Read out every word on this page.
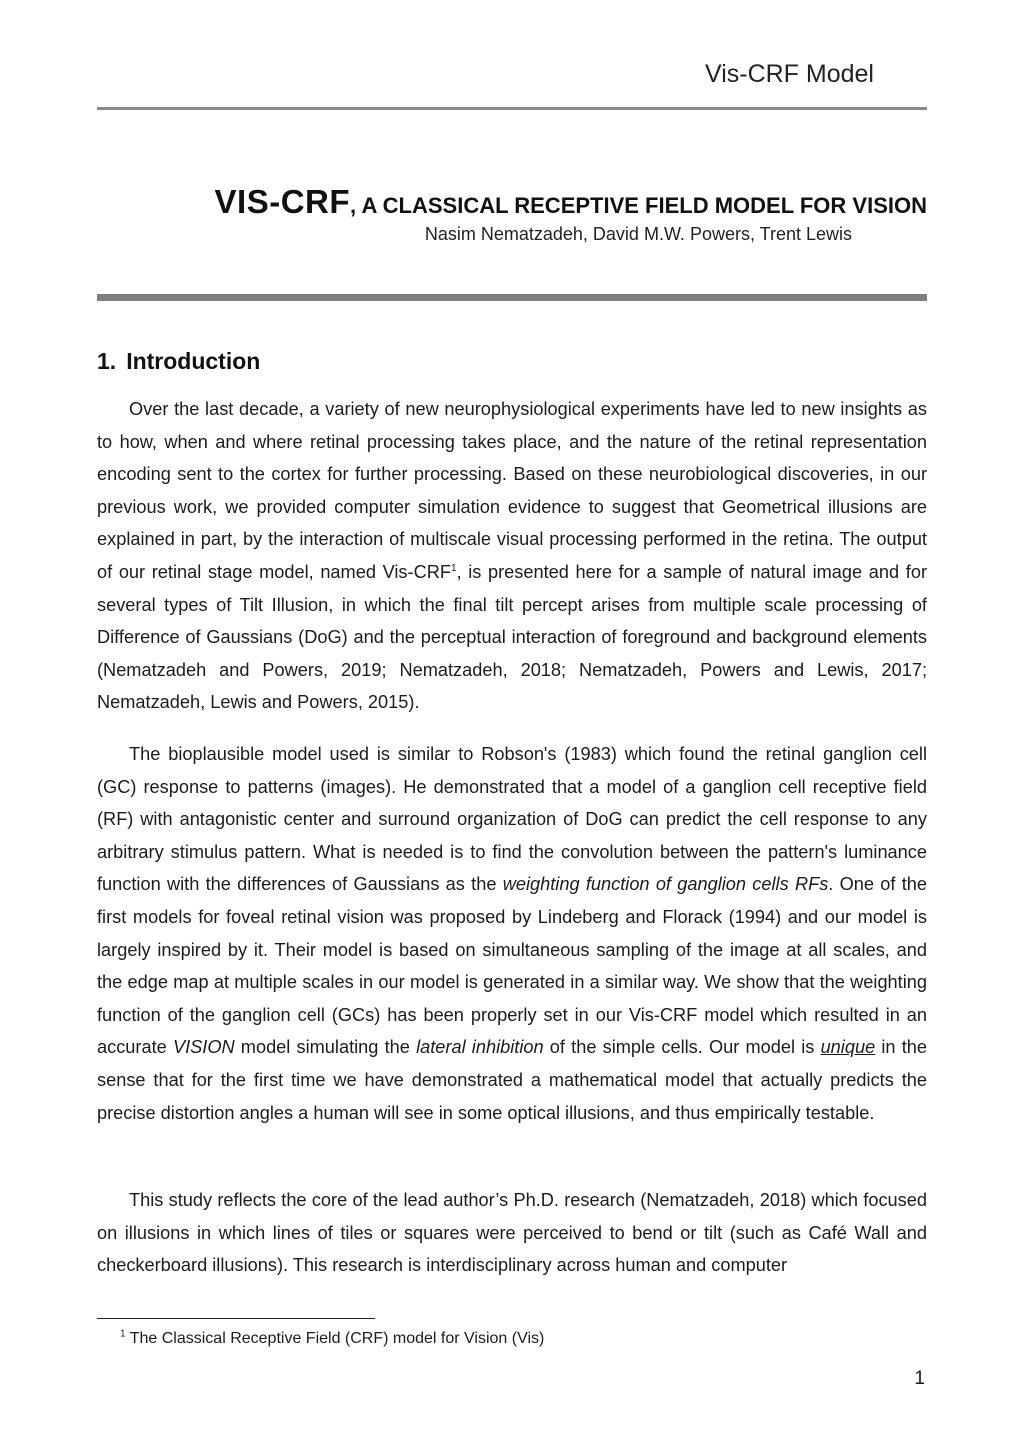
Vis-CRF Model
VIS-CRF, A CLASSICAL RECEPTIVE FIELD MODEL FOR VISION
Nasim Nematzadeh, David M.W. Powers, Trent Lewis
1. Introduction

Over the last decade, a variety of new neurophysiological experiments have led to new insights as to how, when and where retinal processing takes place, and the nature of the retinal representation encoding sent to the cortex for further processing. Based on these neurobiological discoveries, in our previous work, we provided computer simulation evidence to suggest that Geometrical illusions are explained in part, by the interaction of multiscale visual processing performed in the retina. The output of our retinal stage model, named Vis-CRF$^1$, is presented here for a sample of natural image and for several types of Tilt Illusion, in which the final tilt percept arises from multiple scale processing of Difference of Gaussians (DoG) and the perceptual interaction of foreground and background elements (Nematzadeh and Powers, 2019; Nematzadeh, 2018; Nematzadeh, Powers and Lewis, 2017; Nematzadeh, Lewis and Powers, 2015).

The bioplausible model used is similar to Robson's (1983) which found the retinal ganglion cell (GC) response to patterns (images). He demonstrated that a model of a ganglion cell receptive field (RF) with antagonistic center and surround organization of DoG can predict the cell response to any arbitrary stimulus pattern. What is needed is to find the convolution between the pattern's luminance function with the differences of Gaussians as the weighting function of ganglion cells RFs. One of the first models for foveal retinal vision was proposed by Lindeberg and Florack (1994) and our model is largely inspired by it. Their model is based on simultaneous sampling of the image at all scales, and the edge map at multiple scales in our model is generated in a similar way. We show that the weighting function of the ganglion cell (GCs) has been properly set in our Vis-CRF model which resulted in an accurate VISION model simulating the lateral inhibition of the simple cells. Our model is unique in the sense that for the first time we have demonstrated a mathematical model that actually predicts the precise distortion angles a human will see in some optical illusions, and thus empirically testable.

This study reflects the core of the lead author’s Ph.D. research (Nematzadeh, 2018) which focused on illusions in which lines of tiles or squares were perceived to bend or tilt (such as Café Wall and checkerboard illusions). This research is interdisciplinary across human and computer

$^1$ The Classical Receptive Field (CRF) model for Vision (Vis)
1
